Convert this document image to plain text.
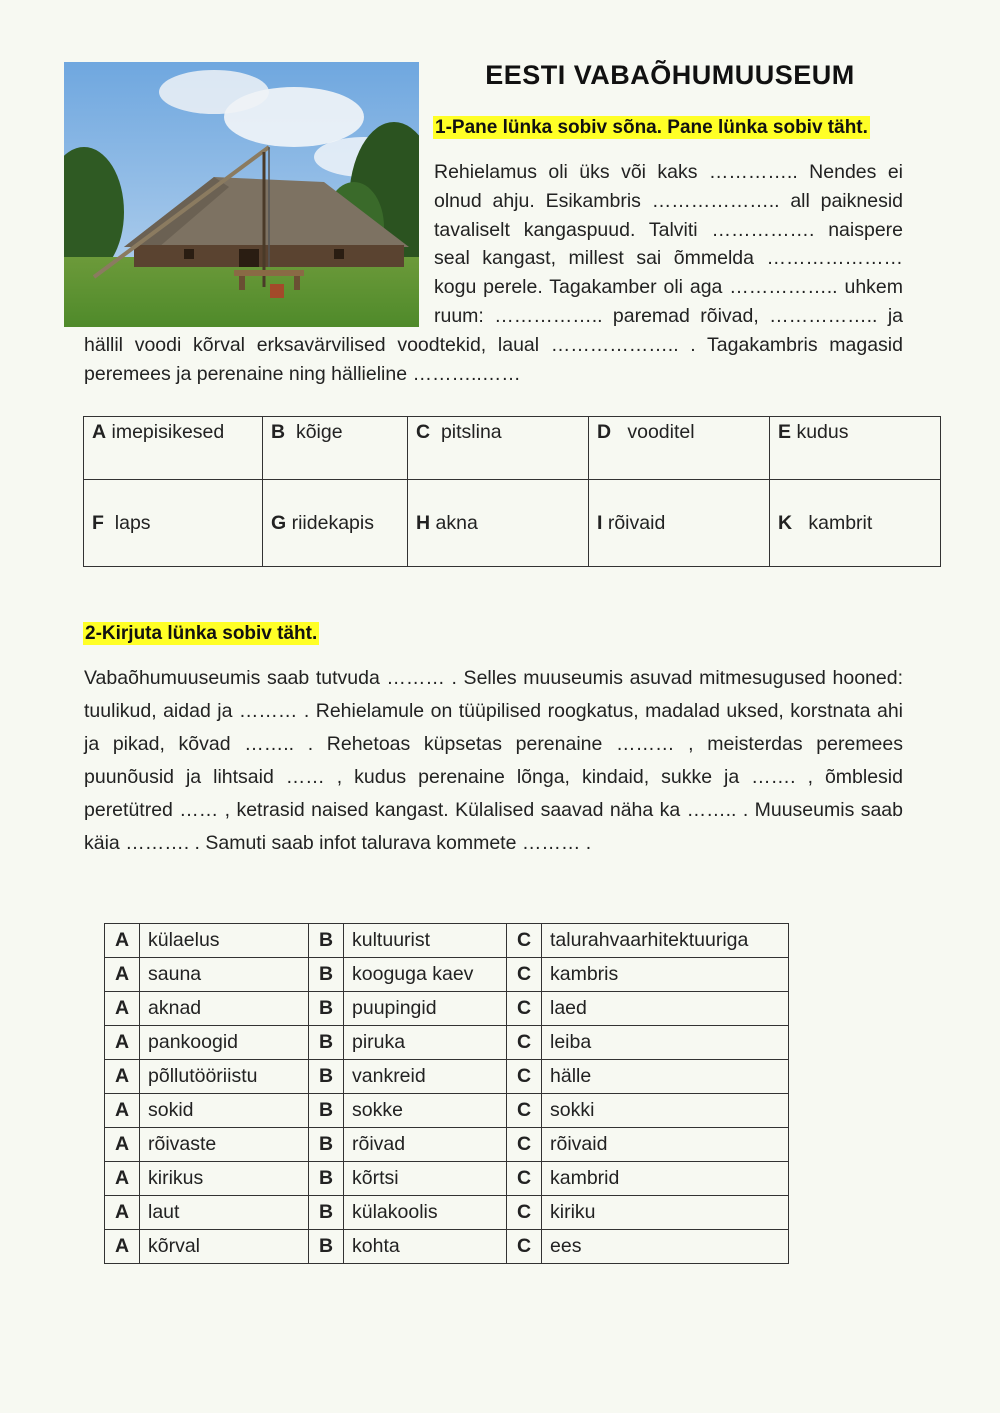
EESTI VABAÕHUMUUSEUM
1-Pane lünka sobiv sõna. Pane lünka sobiv täht.
Rehielamus oli üks või kaks ………….. Nendes ei olnud ahju. Esikambris ……………….. all paiknesid tavaliselt kangaspuud. Talviti ……………. naispere seal kangast, millest sai õmmelda ………………… kogu perele. Tagakamber oli aga …………….. uhkem ruum: …………….. paremad rõivad, …………….. ja hällil voodi kõrval erksavärvilised voodtekid, laual ……………….. . Tagakambris magasid peremees ja perenaine ning hällieline ………..……
A imepisikesed	B kõige	C pitslina	D vooditel	E kudus
F laps	G riidekapis	H akna	I rõivaid	K kambrit
2-Kirjuta lünka sobiv täht.
Vabaõhumuuseumis saab tutvuda ……… . Selles muuseumis asuvad mitmesugused hooned: tuulikud, aidad ja ……… . Rehielamule on tüüpilised roogkatus, madalad uksed, korstnata ahi ja pikad, kõvad …….. . Rehetoas küpsetas perenaine ……… , meisterdas peremees puunõusid ja lihtsaid …… , kudus perenaine lõnga, kindaid, sukke ja ……. , õmblesid peretütred …… , ketrasid naised kangast. Külalised saavad näha ka …….. . Muuseumis saab käia ………. . Samuti saab infot talurava kommete ……… .
A	külaelus	B	kultuurist	C	talurahvaarhitektuuriga
A	sauna	B	kooguga kaev	C	kambris
A	aknad	B	puupingid	C	laed
A	pankoogid	B	piruka	C	leiba
A	põllutööriistu	B	vankreid	C	hälle
A	sokid	B	sokke	C	sokki
A	rõivaste	B	rõivad	C	rõivaid
A	kirikus	B	kõrtsi	C	kambrid
A	laut	B	külakoolis	C	kiriku
A	kõrval	B	kohta	C	ees
